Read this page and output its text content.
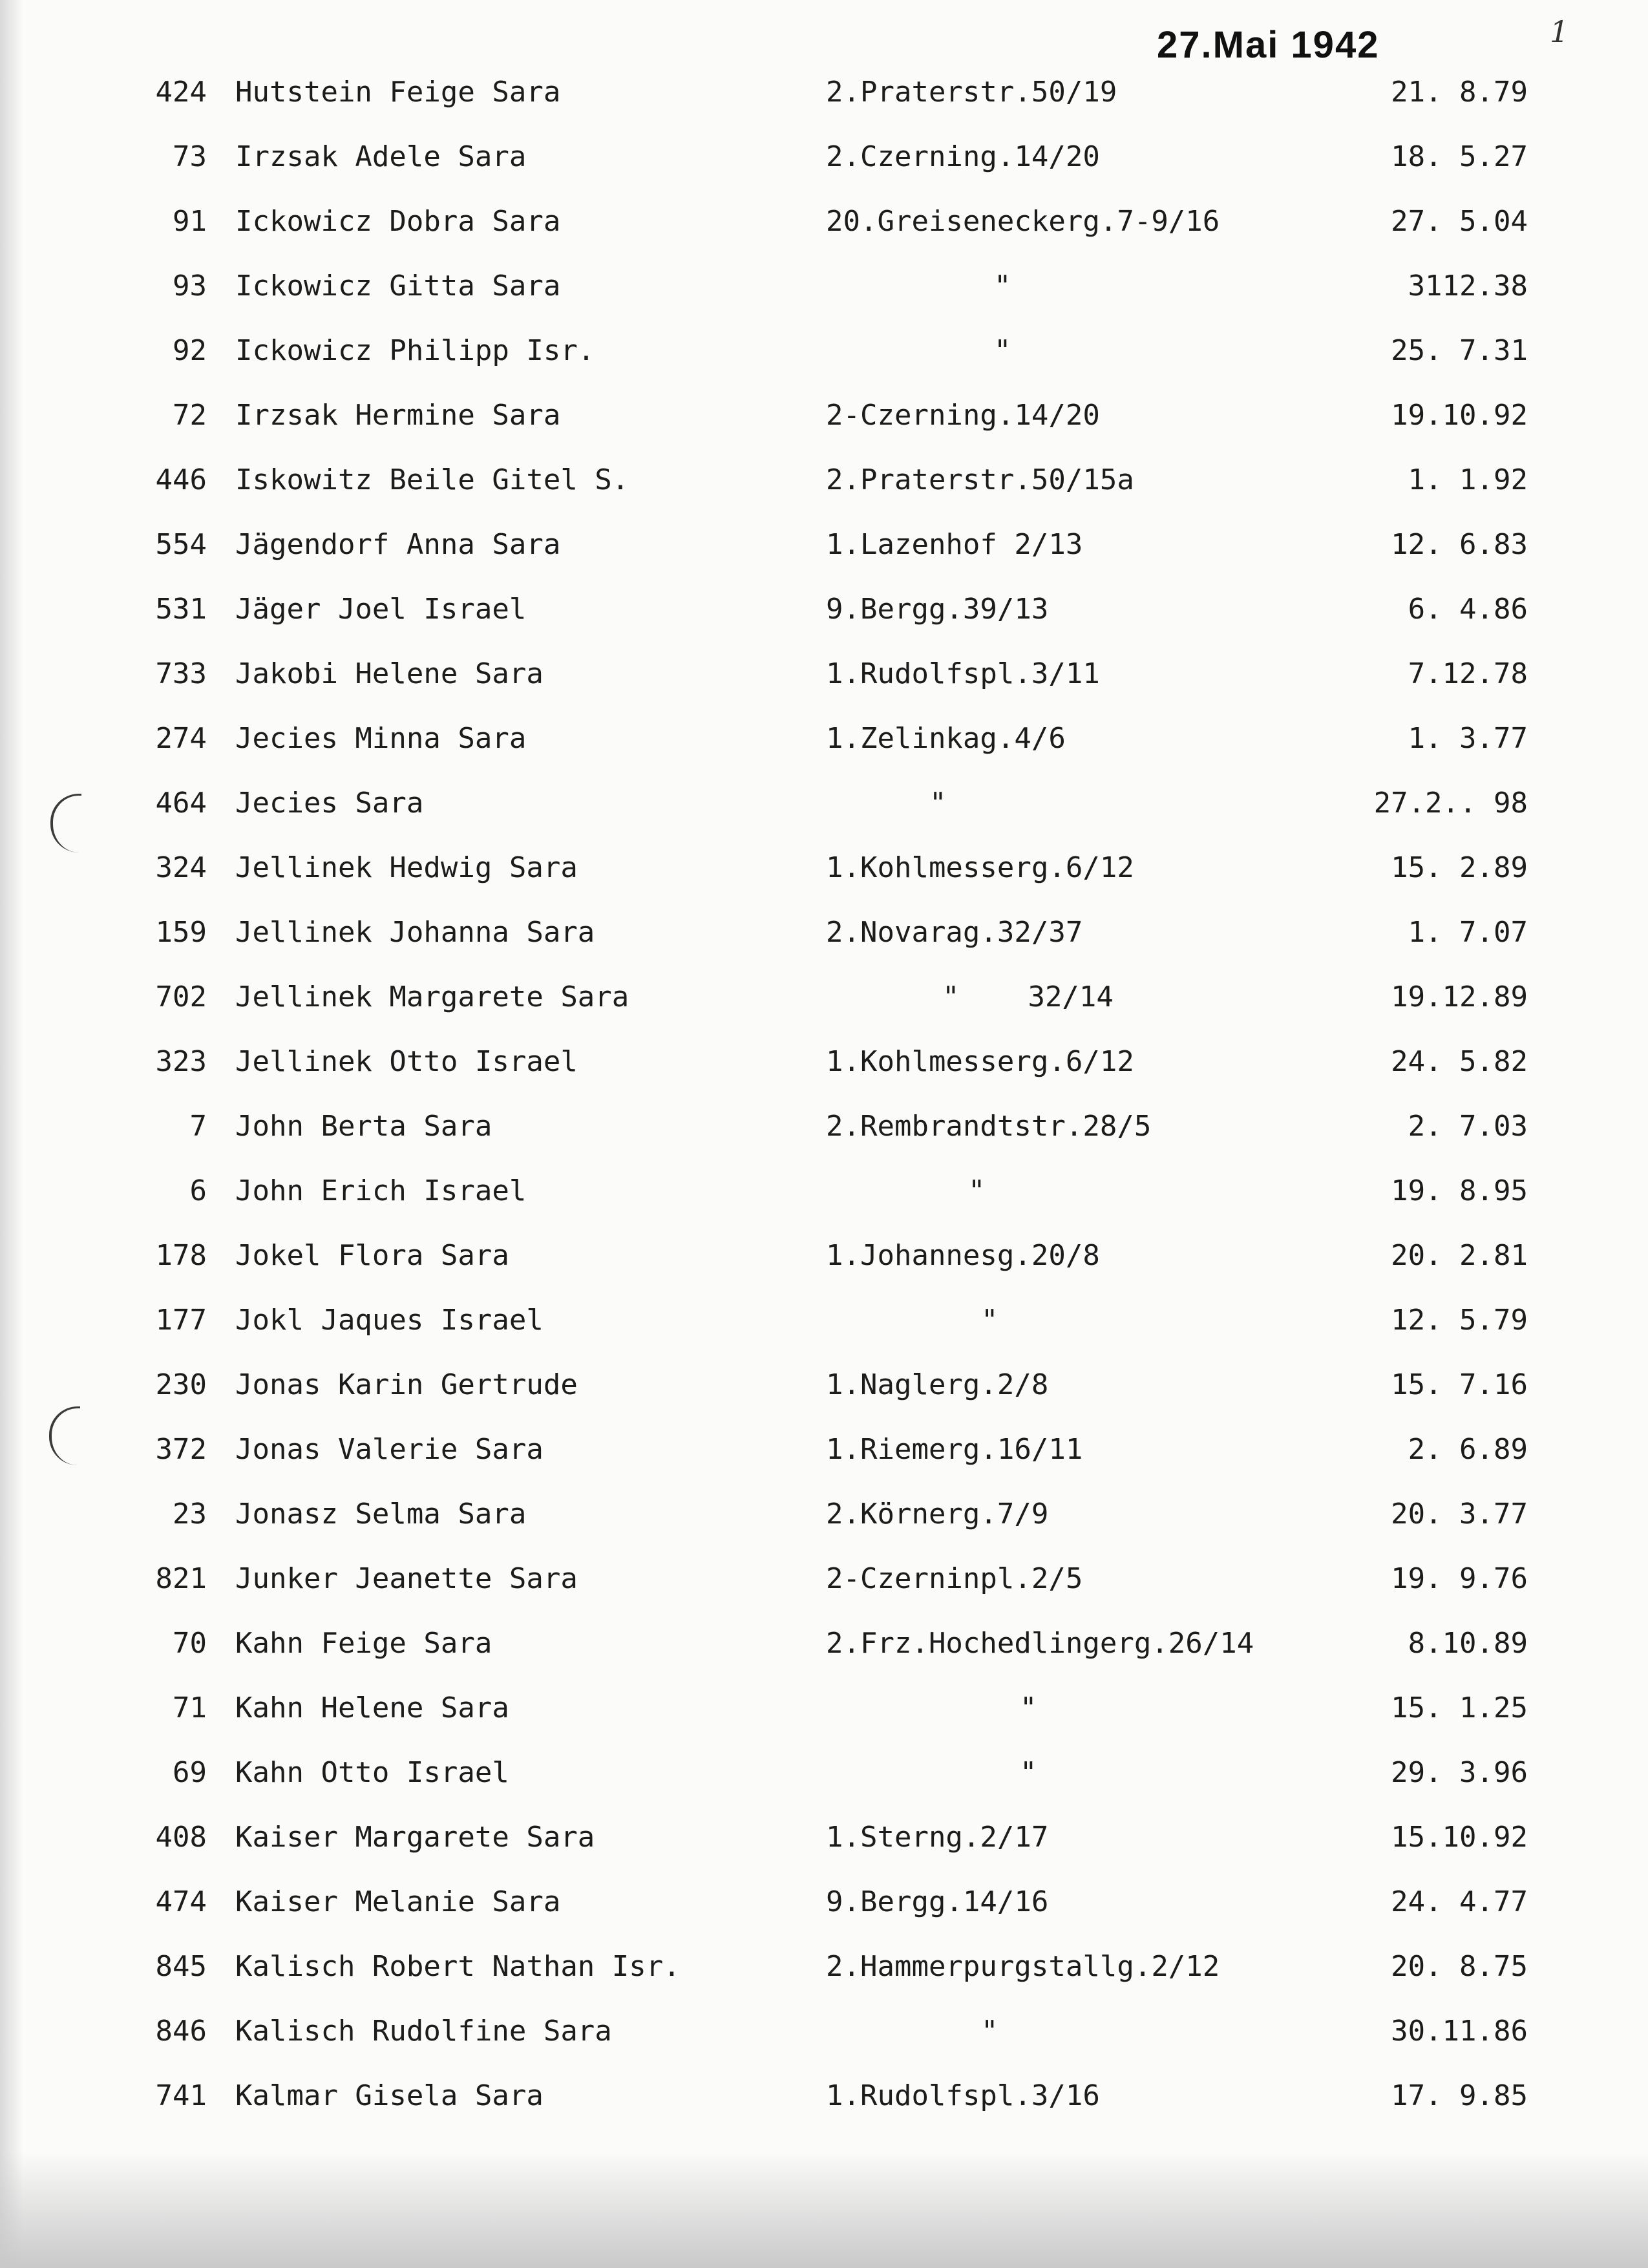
27.Mai 1942	1
424 Hutstein Feige Sara	2.Praterstr.50/19	21. 8.79
73 Irzsak Adele Sara	2.Czerning.14/20	18. 5.27
91 Ickowicz Dobra Sara	20.Greiseneckerg.7-9/16	27. 5.04
93 Ickowicz Gitta Sara	"	3112.38
92 Ickowicz Philipp Isr.	"	25. 7.31
72 Irzsak Hermine Sara	2-Czerning.14/20	19.10.92
446 Iskowitz Beile Gitel S.	2.Praterstr.50/15a	1. 1.92
554 Jägendorf Anna Sara	1.Lazenhof 2/13	12. 6.83
531 Jäger Joel Israel	9.Bergg.39/13	6. 4.86
733 Jakobi Helene Sara	1.Rudolfspl.3/11	7.12.78
274 Jecies Minna Sara	1.Zelinkag.4/6	1. 3.77
464 Jecies Sara	"	27.2.. 98
324 Jellinek Hedwig Sara	1.Kohlmesserg.6/12	15. 2.89
159 Jellinek Johanna Sara	2.Novarag.32/37	1. 7.07
702 Jellinek Margarete Sara	"    32/14	19.12.89
323 Jellinek Otto Israel	1.Kohlmesserg.6/12	24. 5.82
7 John Berta Sara	2.Rembrandtstr.28/5	2. 7.03
6 John Erich Israel	"	19. 8.95
178 Jokel Flora Sara	1.Johannesg.20/8	20. 2.81
177 Jokl Jaques Israel	"	12. 5.79
230 Jonas Karin Gertrude	1.Naglerg.2/8	15. 7.16
372 Jonas Valerie Sara	1.Riemerg.16/11	2. 6.89
23 Jonasz Selma Sara	2.Körnerg.7/9	20. 3.77
821 Junker Jeanette Sara	2-Czerninpl.2/5	19. 9.76
70 Kahn Feige Sara	2.Frz.Hochedlingerg.26/14	8.10.89
71 Kahn Helene Sara	"	15. 1.25
69 Kahn Otto Israel	"	29. 3.96
408 Kaiser Margarete Sara	1.Sterng.2/17	15.10.92
474 Kaiser Melanie Sara	9.Bergg.14/16	24. 4.77
845 Kalisch Robert Nathan Isr.	2.Hammerpurgstallg.2/12	20. 8.75
846 Kalisch Rudolfine Sara	"	30.11.86
741 Kalmar Gisela Sara	1.Rudolfspl.3/16	17. 9.85
